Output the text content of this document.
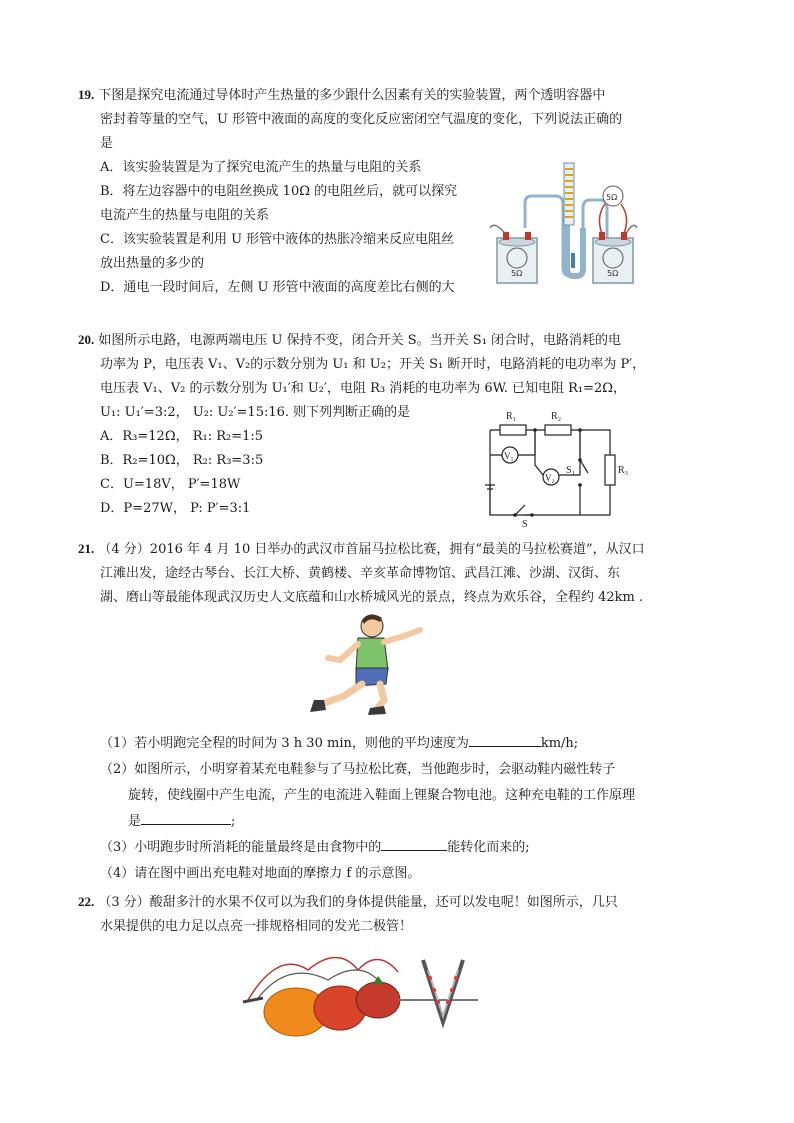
19. 下图是探究电流通过导体时产生热量的多少跟什么因素有关的实验装置，两个透明容器中
密封着等量的空气，U 形管中液面的高度的变化反应密闭空气温度的变化，下列说法正确的
是
A．该实验装置是为了探究电流产生的热量与电阻的关系
B．将左边容器中的电阻丝换成 10Ω 的电阻丝后，就可以探究
电流产生的热量与电阻的关系
C．该实验装置是利用 U 形管中液体的热胀冷缩来反应电阻丝
放出热量的多少的
D．通电一段时间后，左侧 U 形管中液面的高度差比右侧的大
5Ω	5Ω
5Ω
20. 如图所示电路，电源两端电压 U 保持不变，闭合开关 S。当开关 S₁ 闭合时，电路消耗的电
功率为 P，电压表 V₁、V₂的示数分别为 U₁ 和 U₂；开关 S₁ 断开时，电路消耗的电功率为 P′，
电压表 V₁、V₂ 的示数分别为 U₁′和 U₂′，电阻 R₃ 消耗的电功率为 6W. 已知电阻 R₁=2Ω，
U₁: U₁′=3:2， U₂: U₂′=15:16. 则下列判断正确的是
A．R₃=12Ω， R₁: R₂=1:5
B．R₂=10Ω， R₂: R₃=3:5
C．U=18V， P′=18W
D．P=27W， P: P′=3:1
R₁	R₂
R₃
V₁
V₂
S₁
S
21. （4 分）2016 年 4 月 10 日举办的武汉市首届马拉松比赛，拥有“最美的马拉松赛道”，从汉口
江滩出发，途经古琴台、长江大桥、黄鹤楼、辛亥革命博物馆、武昌江滩、沙湖、汉街、东
湖、磨山等最能体现武汉历史人文底蕴和山水桥城风光的景点，终点为欢乐谷，全程约 42km .
（1）若小明跑完全程的时间为 3 h 30 min，则他的平均速度为	km/h;
（2）如图所示，小明穿着某充电鞋参与了马拉松比赛，当他跑步时，会驱动鞋内磁性转子
旋转，使线圈中产生电流，产生的电流进入鞋面上锂聚合物电池。这种充电鞋的工作原理
是	;
（3）小明跑步时所消耗的能量最终是由食物中的	能转化而来的;
（4）请在图中画出充电鞋对地面的摩擦力 f 的示意图。
22. （3 分）酸甜多汁的水果不仅可以为我们的身体提供能量，还可以发电呢！如图所示，几只
水果提供的电力足以点亮一排规格相同的发光二极管！
